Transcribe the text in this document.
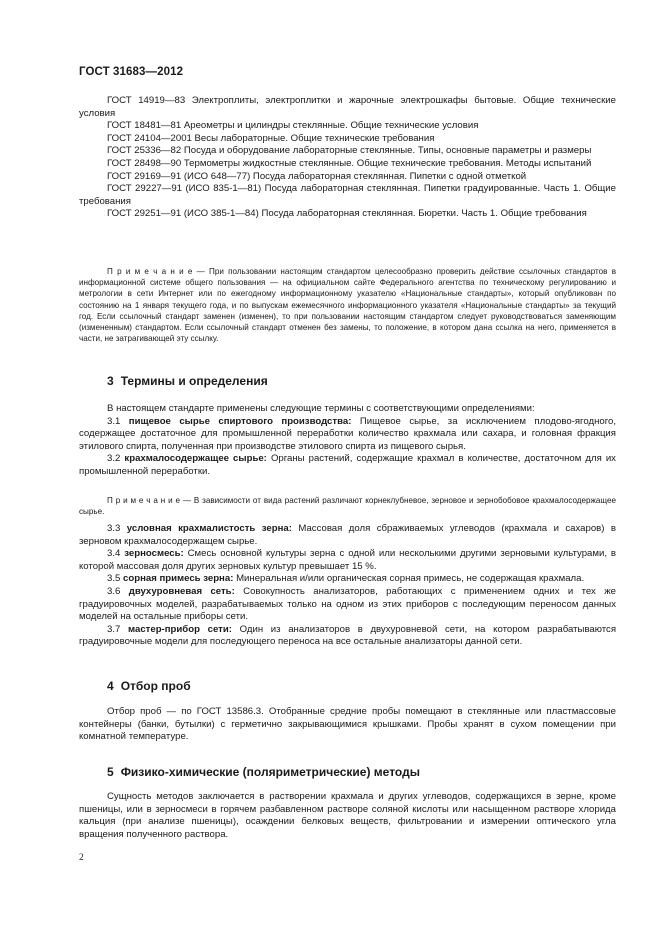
ГОСТ 31683—2012

ГОСТ 14919—83 Электроплиты, электроплитки и жарочные электрошкафы бытовые. Общие технические условия

ГОСТ 18481—81 Ареометры и цилиндры стеклянные. Общие технические условия

ГОСТ 24104—2001 Весы лабораторные. Общие технические требования

ГОСТ 25336—82 Посуда и оборудование лабораторные стеклянные. Типы, основные параметры и размеры

ГОСТ 28498—90 Термометры жидкостные стеклянные. Общие технические требования. Методы испытаний

ГОСТ 29169—91 (ИСО 648—77) Посуда лабораторная стеклянная. Пипетки с одной отметкой

ГОСТ 29227—91 (ИСО 835-1—81) Посуда лабораторная стеклянная. Пипетки градуированные. Часть 1. Общие требования

ГОСТ 29251—91 (ИСО 385-1—84) Посуда лабораторная стеклянная. Бюретки. Часть 1. Общие требования

П р и м е ч а н и е — При пользовании настоящим стандартом целесообразно проверить действие ссылочных стандартов в информационной системе общего пользования — на официальном сайте Федерального агентства по техническому регулированию и метрологии в сети Интернет или по ежегодному информационному указателю «Национальные стандарты», который опубликован по состоянию на 1 января текущего года, и по выпускам ежемесячного информационного указателя «Национальные стандарты» за текущий год. Если ссылочный стандарт заменен (изменен), то при пользовании настоящим стандартом следует руководствоваться заменяющим (измененным) стандартом. Если ссылочный стандарт отменен без замены, то положение, в котором дана ссылка на него, применяется в части, не затрагивающей эту ссылку.
3 Термины и определения

В настоящем стандарте применены следующие термины с соответствующими определениями:

3.1 пищевое сырье спиртового производства: Пищевое сырье, за исключением плодово-ягодного, содержащее достаточное для промышленной переработки количество крахмала или сахара, и головная фракция этилового спирта, полученная при производстве этилового спирта из пищевого сырья.

3.2 крахмалосодержащее сырье: Органы растений, содержащие крахмал в количестве, достаточном для их промышленной переработки.

П р и м е ч а н и е — В зависимости от вида растений различают корнеклубневое, зерновое и зернобобовое крахмалосодержащее сырье.

3.3 условная крахмалистость зерна: Массовая доля сбраживаемых углеводов (крахмала и сахаров) в зерновом крахмалосодержащем сырье.

3.4 зерносмесь: Смесь основной культуры зерна с одной или несколькими другими зерновыми культурами, в которой массовая доля других зерновых культур превышает 15 %.

3.5 сорная примесь зерна: Минеральная и/или органическая сорная примесь, не содержащая крахмала.

3.6 двухуровневая сеть: Совокупность анализаторов, работающих с применением одних и тех же градуировочных моделей, разрабатываемых только на одном из этих приборов с последующим переносом данных моделей на остальные приборы сети.

3.7 мастер-прибор сети: Один из анализаторов в двухуровневой сети, на котором разрабатываются градуировочные модели для последующего переноса на все остальные анализаторы данной сети.

4 Отбор проб
Отбор проб — по ГОСТ 13586.3. Отобранные средние пробы помещают в стеклянные или пластмассовые контейнеры (банки, бутылки) с герметично закрывающимися крышками. Пробы хранят в сухом помещении при комнатной температуре.
5 Физико-химические (поляриметрические) методы
Сущность методов заключается в растворении крахмала и других углеводов, содержащихся в зерне, кроме пшеницы, или в зерносмеси в горячем разбавленном растворе соляной кислоты или насыщенном растворе хлорида кальция (при анализе пшеницы), осаждении белковых веществ, фильтровании и измерении оптического угла вращения полученного раствора.
2
